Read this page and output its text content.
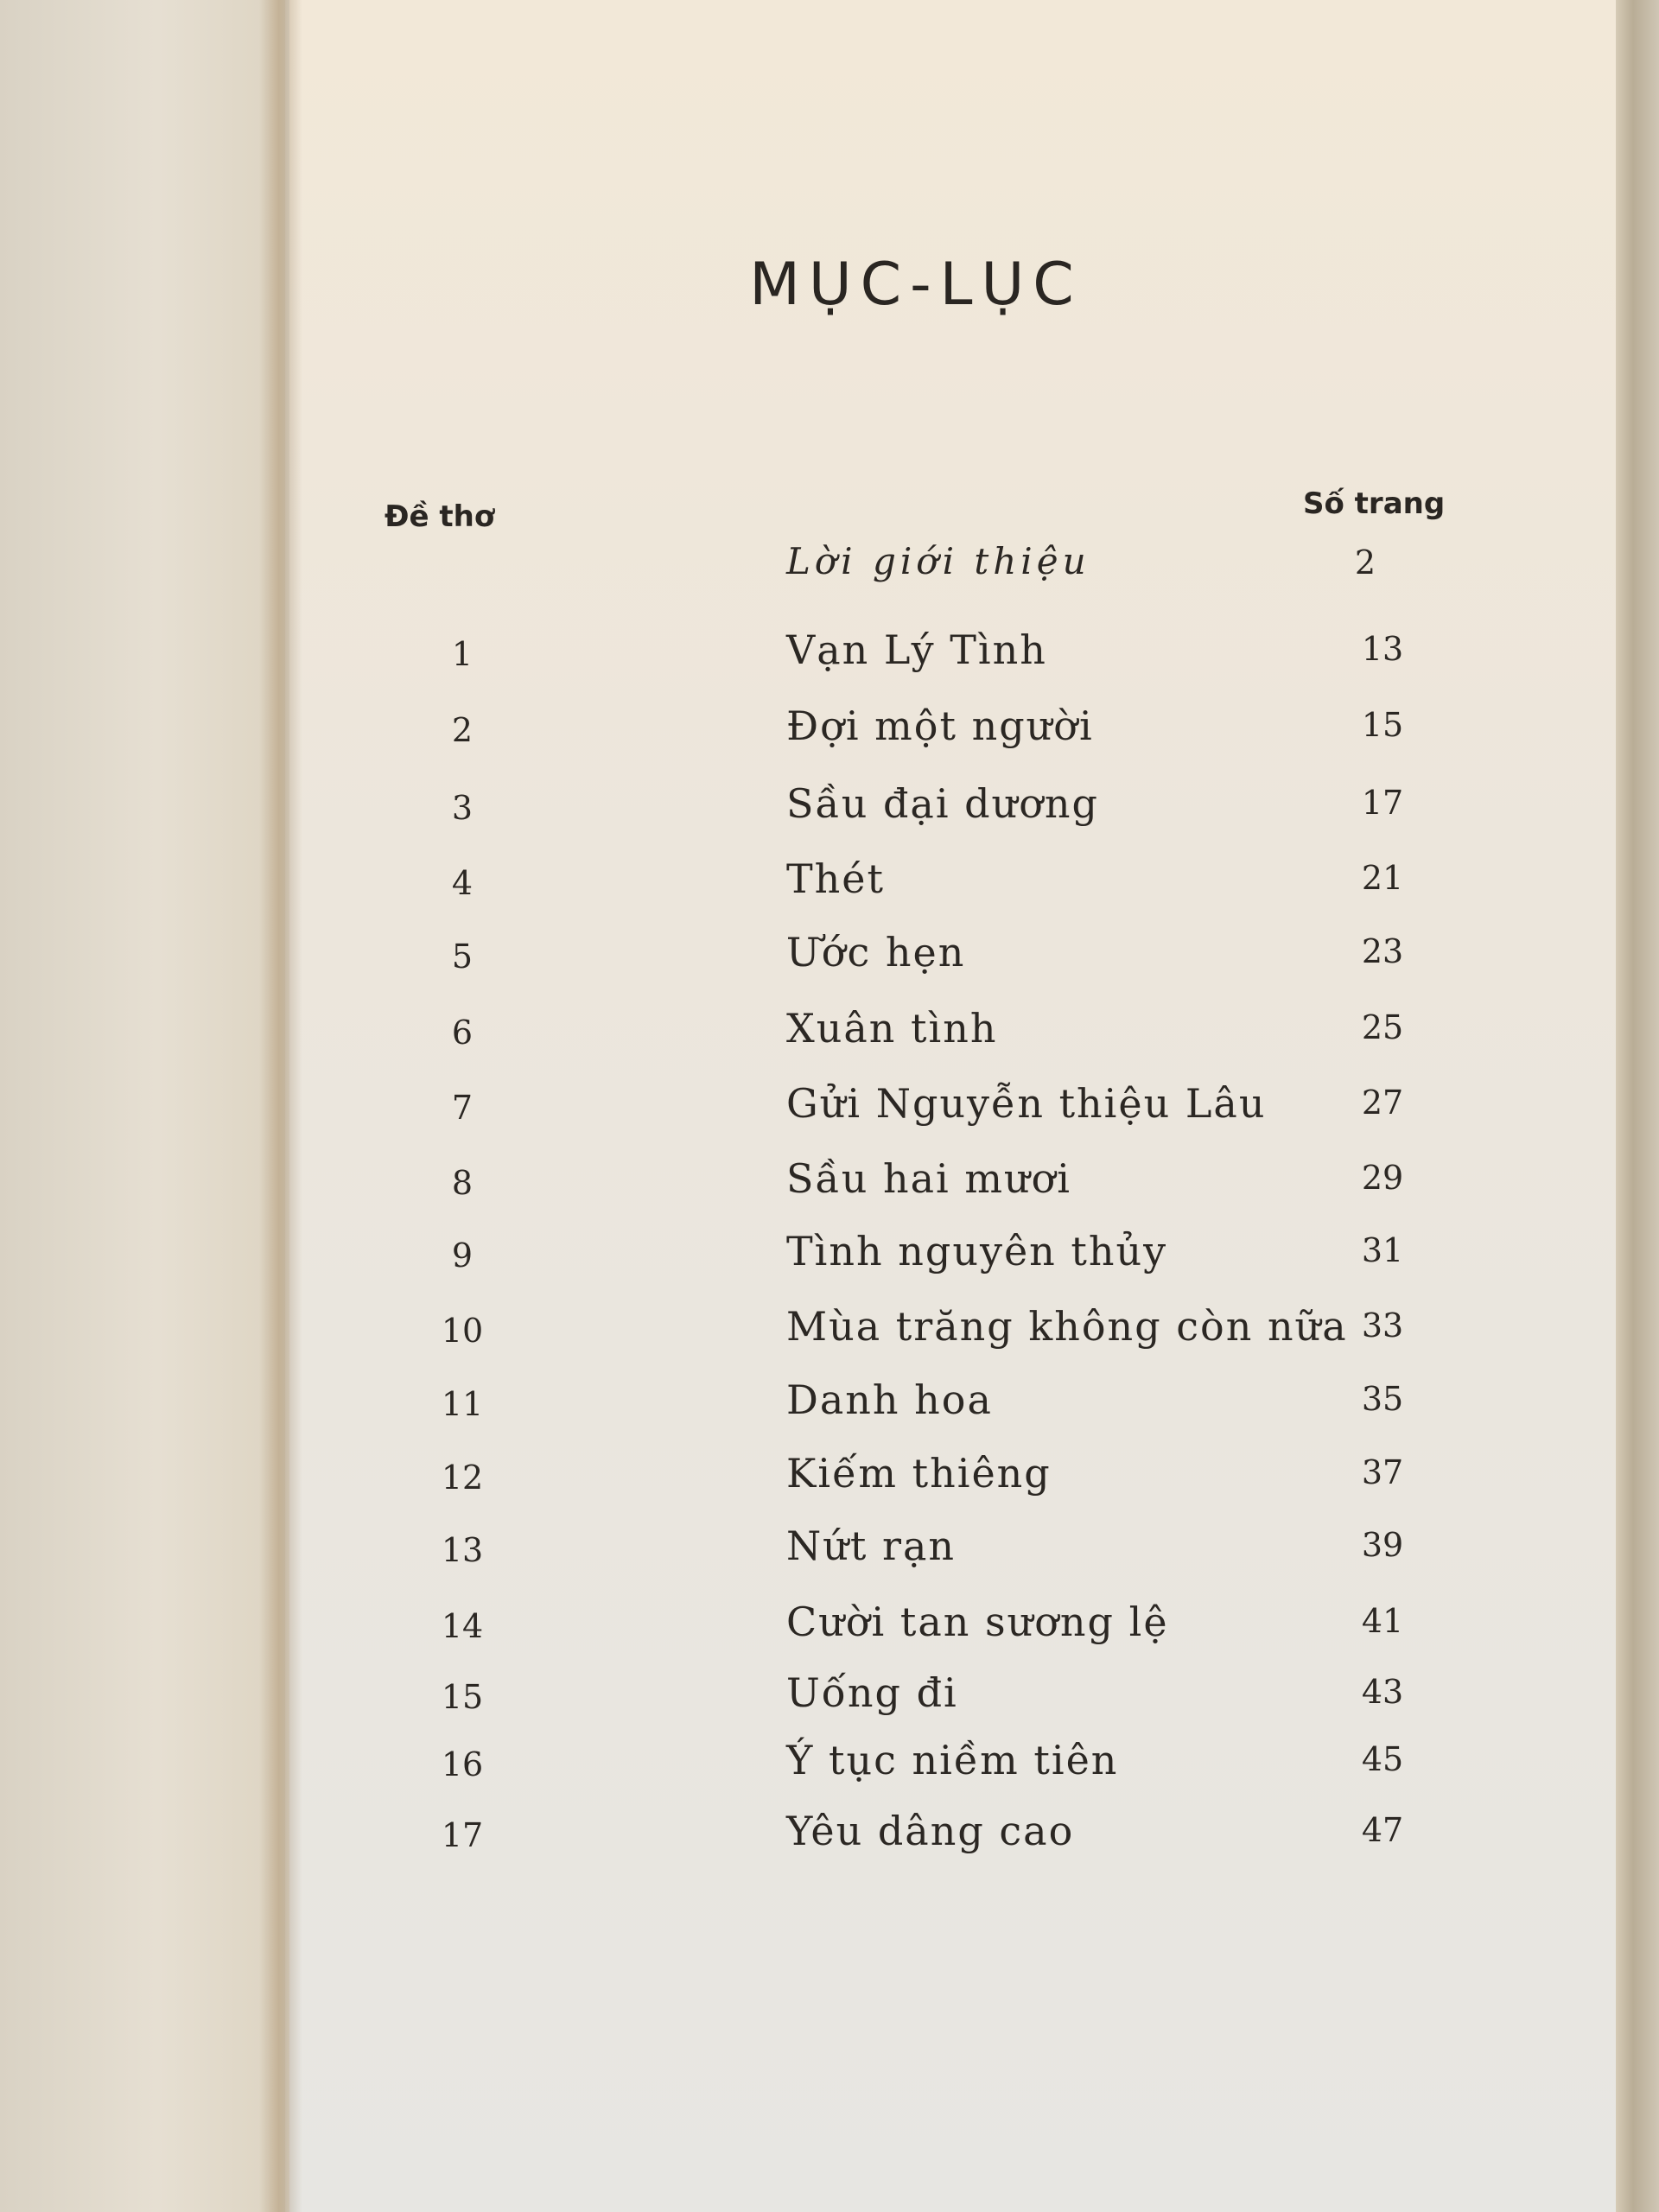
MỤC-LỤC
Đề thơ	Số trang
Lời giới thiệu	2
1	Vạn Lý Tình	13
2	Đợi một người	15
3	Sầu đại dương	17
4	Thét	21
5	Ước hẹn	23
6	Xuân tình	25
7	Gửi Nguyễn thiệu Lâu	27
8	Sầu hai mươi	29
9	Tình nguyên thủy	31
10	Mùa trăng không còn nữa 33
11	Danh hoa	35
12	Kiếm thiêng	37
13	Nứt rạn	39
14	Cười tan sương lệ	41
15	Uống đi	43
16	Ý tục niềm tiên	45
17	Yêu dâng cao	47
